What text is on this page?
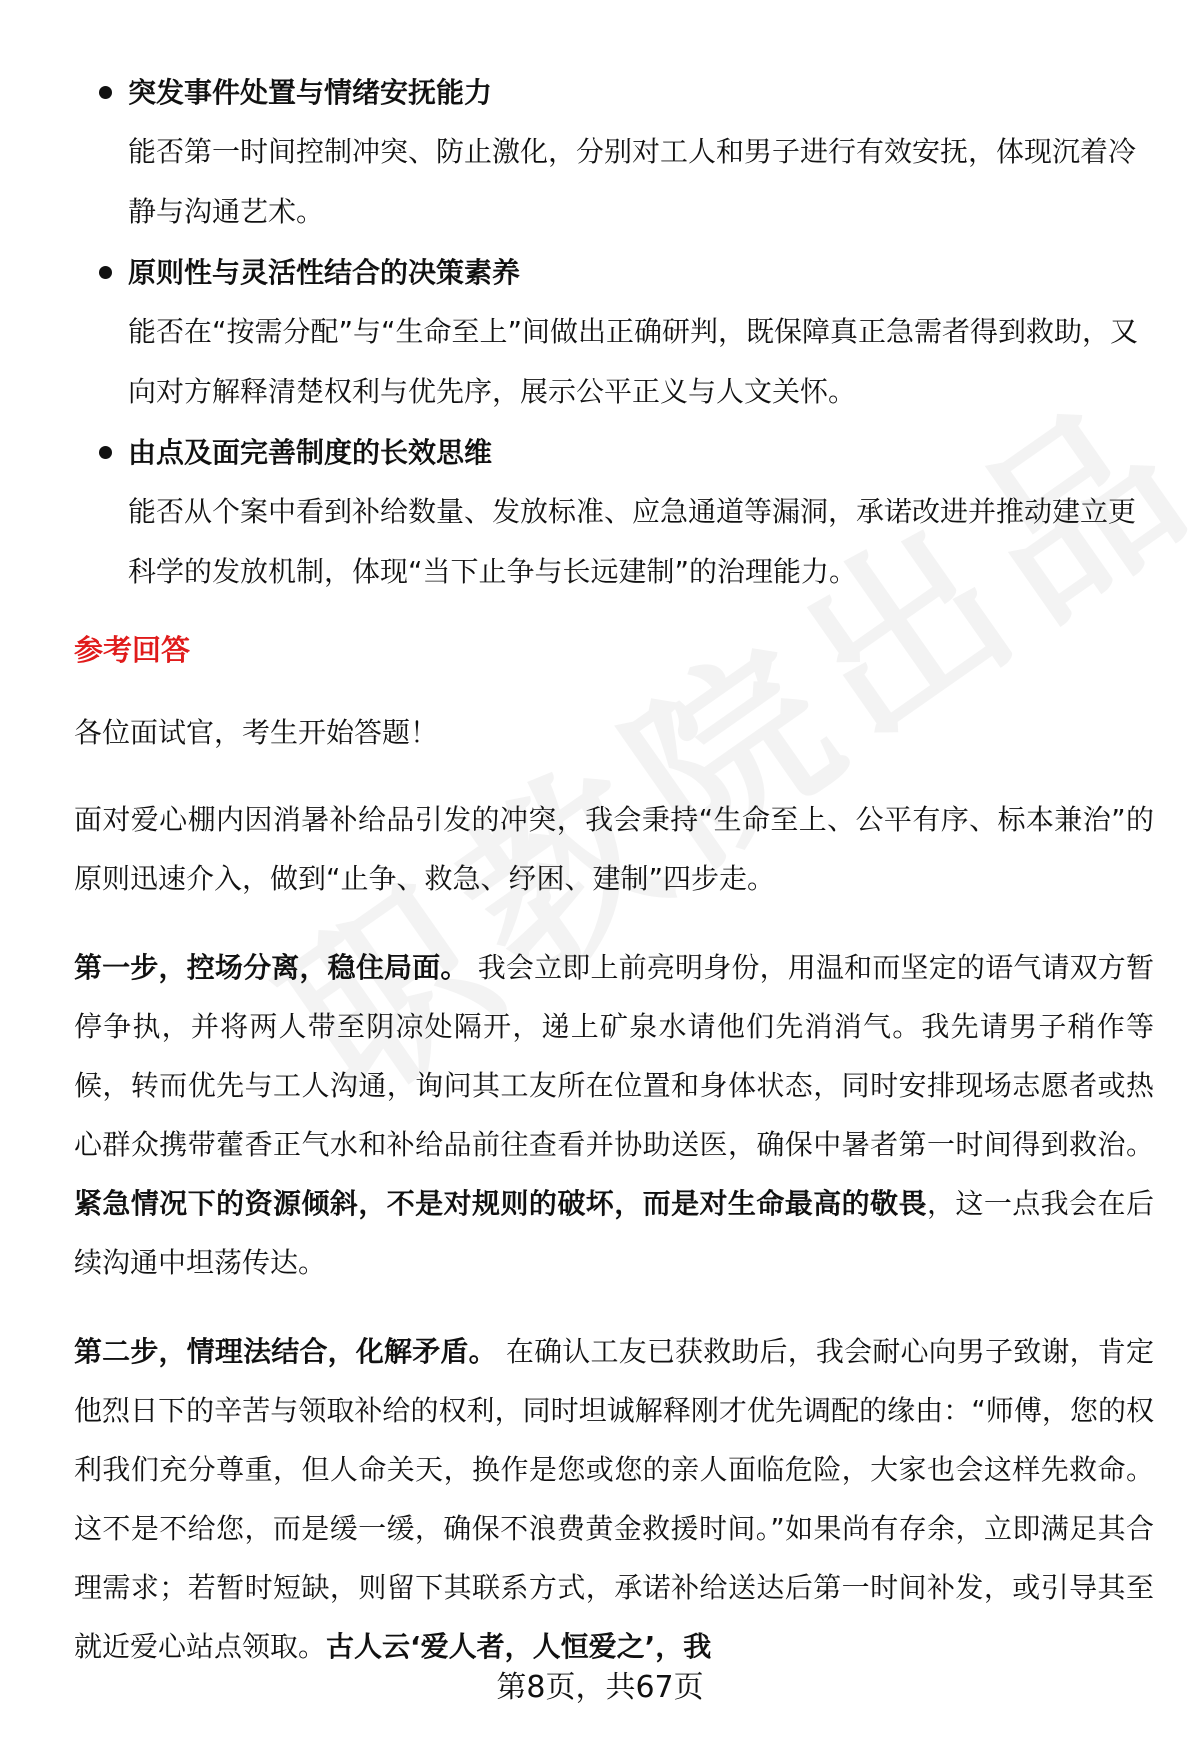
突发事件处置与情绪安抚能力
能否第一时间控制冲突、防止激化，分别对工人和男子进行有效安抚，体现沉着冷静与沟通艺术。
原则性与灵活性结合的决策素养
能否在“按需分配”与“生命至上”间做出正确研判，既保障真正急需者得到救助，又向对方解释清楚权利与优先序，展示公平正义与人文关怀。
由点及面完善制度的长效思维
能否从个案中看到补给数量、发放标准、应急通道等漏洞，承诺改进并推动建立更科学的发放机制，体现“当下止争与长远建制”的治理能力。
参考回答
各位面试官，考生开始答题！
面对爱心棚内因消暑补给品引发的冲突，我会秉持“生命至上、公平有序、标本兼治”的原则迅速介入，做到“止争、救急、纾困、建制”四步走。
第一步，控场分离，稳住局面。 我会立即上前亮明身份，用温和而坚定的语气请双方暂停争执，并将两人带至阴凉处隔开，递上矿泉水请他们先消消气。我先请男子稍作等候，转而优先与工人沟通，询问其工友所在位置和身体状态，同时安排现场志愿者或热心群众携带藿香正气水和补给品前往查看并协助送医，确保中暑者第一时间得到救治。紧急情况下的资源倾斜，不是对规则的破坏，而是对生命最高的敬畏，这一点我会在后续沟通中坦荡传达。
第二步，情理法结合，化解矛盾。 在确认工友已获救助后，我会耐心向男子致谢，肯定他烈日下的辛苦与领取补给的权利，同时坦诚解释刚才优先调配的缘由：“师傅，您的权利我们充分尊重，但人命关天，换作是您或您的亲人面临危险，大家也会这样先救命。这不是不给您，而是缓一缓，确保不浪费黄金救援时间。”如果尚有存余，立即满足其合理需求；若暂时短缺，则留下其联系方式，承诺补给送达后第一时间补发，或引导其至就近爱心站点领取。古人云‘爱人者，人恒爱之’，我
第8页，共67页
